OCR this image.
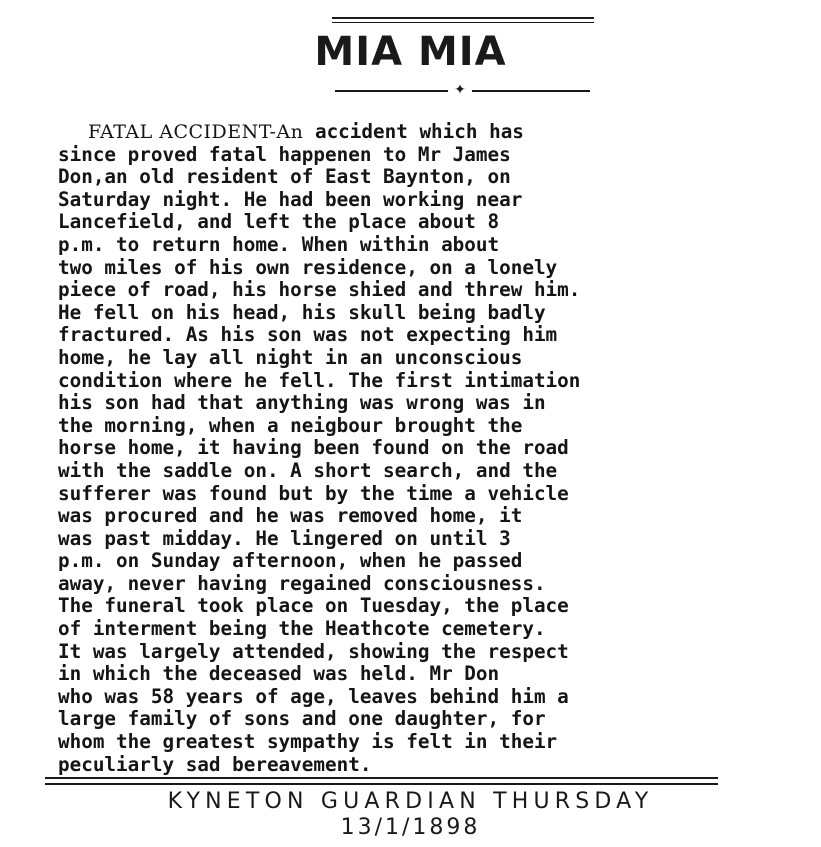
MIA MIA
✦
FATAL ACCIDENT-An accident which has
since proved fatal happenen to Mr James
Don,an old resident of East Baynton, on
Saturday night. He had been working near
Lancefield, and left the place about 8
p.m. to return home. When within about
two miles of his own residence, on a lonely
piece of road, his horse shied and threw him.
He fell on his head, his skull being badly
fractured. As his son was not expecting him
home, he lay all night in an unconscious
condition where he fell. The first intimation
his son had that anything was wrong was in
the morning, when a neigbour brought the
horse home, it having been found on the road
with the saddle on. A short search, and the
sufferer was found but by the time a vehicle
was procured and he was removed home, it
was past midday. He lingered on until 3
p.m. on Sunday afternoon, when he passed
away, never having regained consciousness.
The funeral took place on Tuesday, the place
of interment being the Heathcote cemetery.
It was largely attended, showing the respect
in which the deceased was held. Mr Don
who was 58 years of age, leaves behind him a
large family of sons and one daughter, for
whom the greatest sympathy is felt in their
peculiarly sad bereavement.
KYNETON GUARDIAN THURSDAY
13/1/1898
